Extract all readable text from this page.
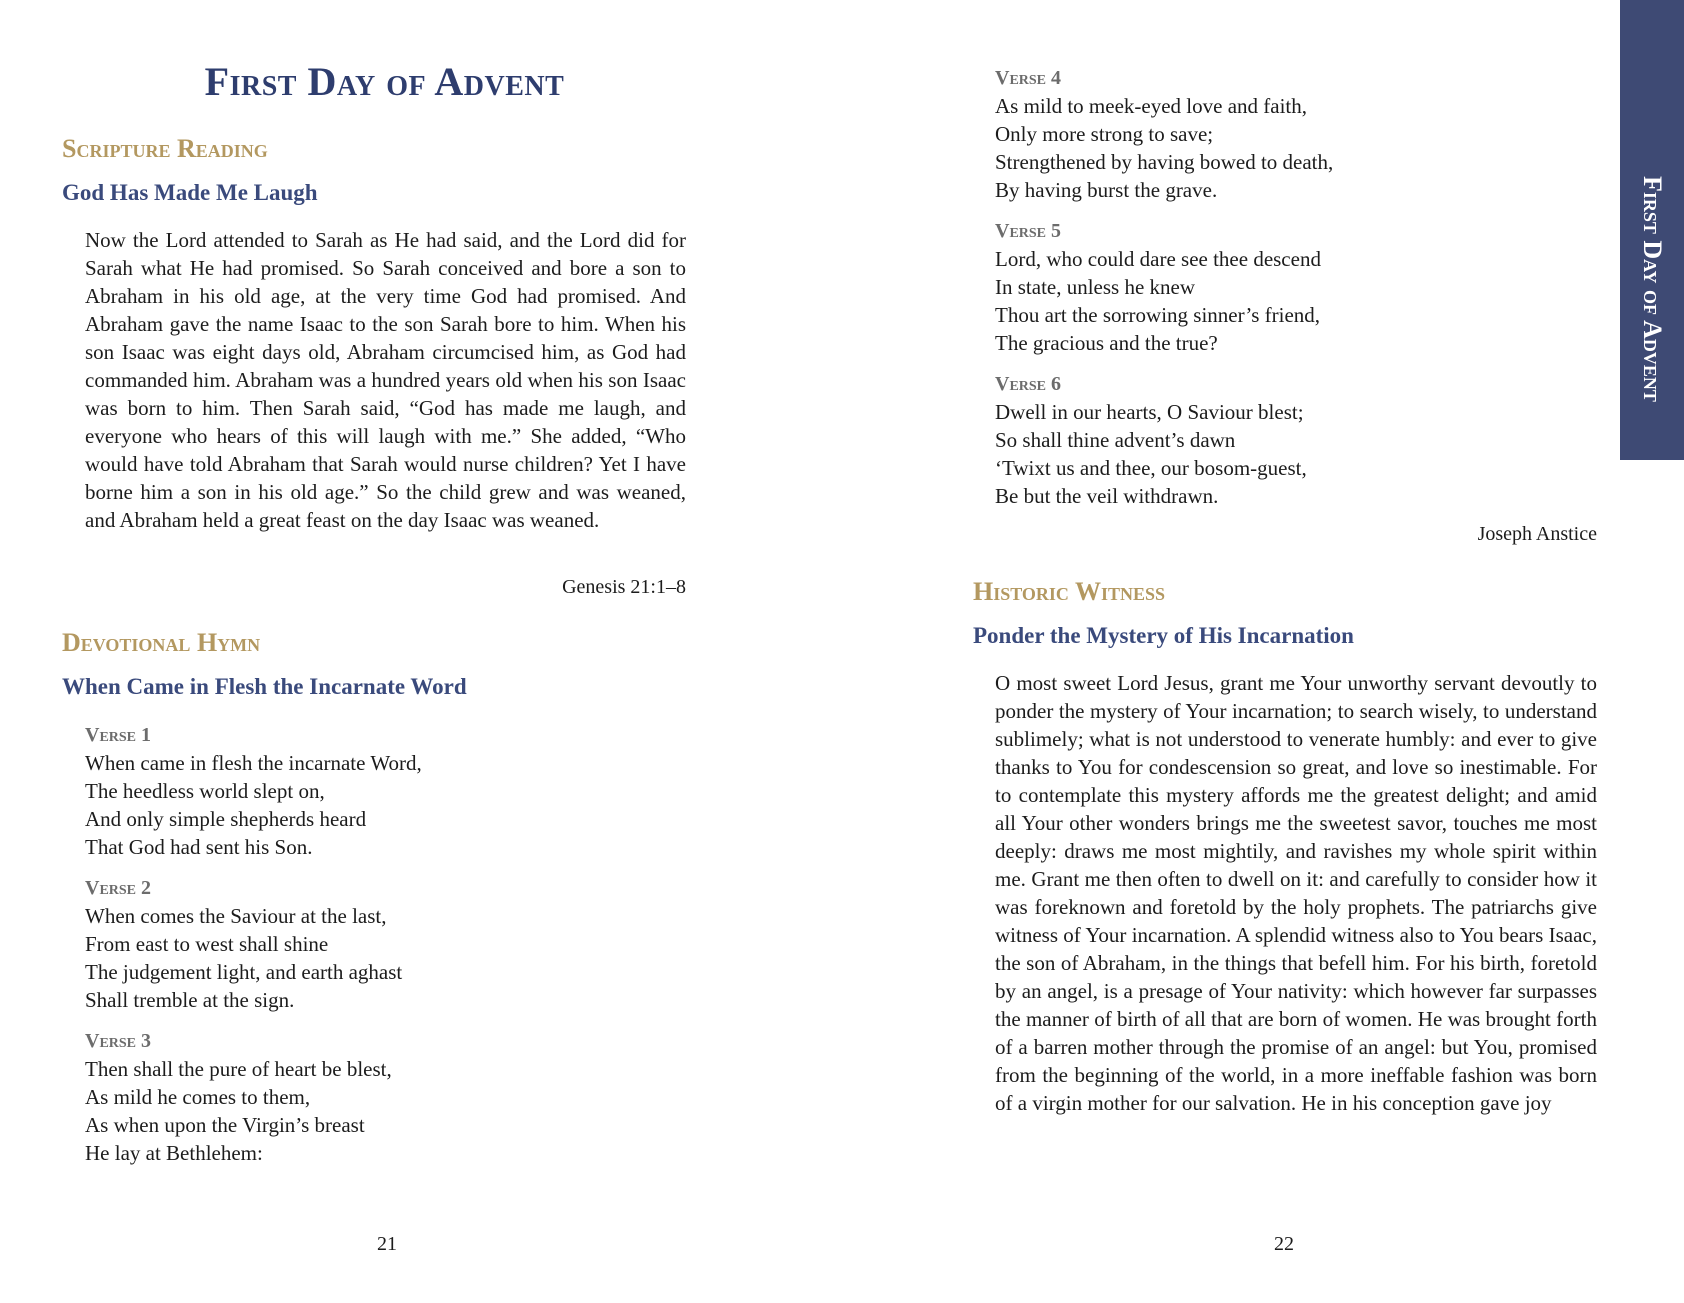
First Day of Advent
Scripture Reading
God Has Made Me Laugh

Now the Lord attended to Sarah as He had said, and the Lord did for Sarah what He had promised. So Sarah conceived and bore a son to Abraham in his old age, at the very time God had promised. And Abraham gave the name Isaac to the son Sarah bore to him. When his son Isaac was eight days old, Abraham circumcised him, as God had commanded him. Abraham was a hundred years old when his son Isaac was born to him. Then Sarah said, “God has made me laugh, and everyone who hears of this will laugh with me.” She added, “Who would have told Abraham that Sarah would nurse children? Yet I have borne him a son in his old age.” So the child grew and was weaned, and Abraham held a great feast on the day Isaac was weaned.

Genesis 21:1–8

Devotional Hymn
When Came in Flesh the Incarnate Word

Verse 1

When came in flesh the incarnate Word,

The heedless world slept on,

And only simple shepherds heard

That God had sent his Son.

Verse 2

When comes the Saviour at the last,

From east to west shall shine

The judgement light, and earth aghast

Shall tremble at the sign.

Verse 3

Then shall the pure of heart be blest,

As mild he comes to them,

As when upon the Virgin’s breast

He lay at Bethlehem:

21

Verse 4

As mild to meek-eyed love and faith,

Only more strong to save;

Strengthened by having bowed to death,

By having burst the grave.

Verse 5

Lord, who could dare see thee descend

In state, unless he knew

Thou art the sorrowing sinner’s friend,

The gracious and the true?

Verse 6

Dwell in our hearts, O Saviour blest;

So shall thine advent’s dawn

‘Twixt us and thee, our bosom-guest,

Be but the veil withdrawn.

Joseph Anstice

Historic Witness
Ponder the Mystery of His Incarnation

O most sweet Lord Jesus, grant me Your unworthy servant devoutly to ponder the mystery of Your incarnation; to search wisely, to understand sublimely; what is not understood to venerate humbly: and ever to give thanks to You for condescension so great, and love so inestimable. For to contemplate this mystery affords me the greatest delight; and amid all Your other wonders brings me the sweetest savor, touches me most deeply: draws me most mightily, and ravishes my whole spirit within me. Grant me then often to dwell on it: and carefully to consider how it was foreknown and foretold by the holy prophets. The patriarchs give witness of Your incarnation. A splendid witness also to You bears Isaac, the son of Abraham, in the things that befell him. For his birth, foretold by an angel, is a presage of Your nativity: which however far surpasses the manner of birth of all that are born of women. He was brought forth of a barren mother through the promise of an angel: but You, promised from the beginning of the world, in a more ineffable fashion was born of a virgin mother for our salvation. He in his conception gave joy

22

First Day of Advent
